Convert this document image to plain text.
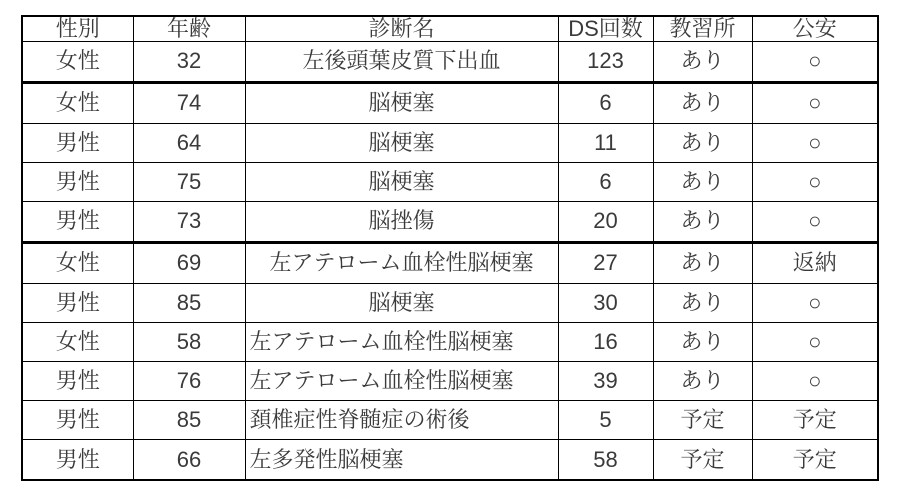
性別	年齢	診断名	DS回数	教習所	公安
女性	32	左後頭葉皮質下出血	123	あり	○
女性	74	脳梗塞	6	あり	○
男性	64	脳梗塞	11	あり	○
男性	75	脳梗塞	6	あり	○
男性	73	脳挫傷	20	あり	○
女性	69	左アテローム血栓性脳梗塞	27	あり	返納
男性	85	脳梗塞	30	あり	○
女性	58	左アテローム血栓性脳梗塞	16	あり	○
男性	76	左アテローム血栓性脳梗塞	39	あり	○
男性	85	頚椎症性脊髄症の術後	5	予定	予定
男性	66	左多発性脳梗塞	58	予定	予定
